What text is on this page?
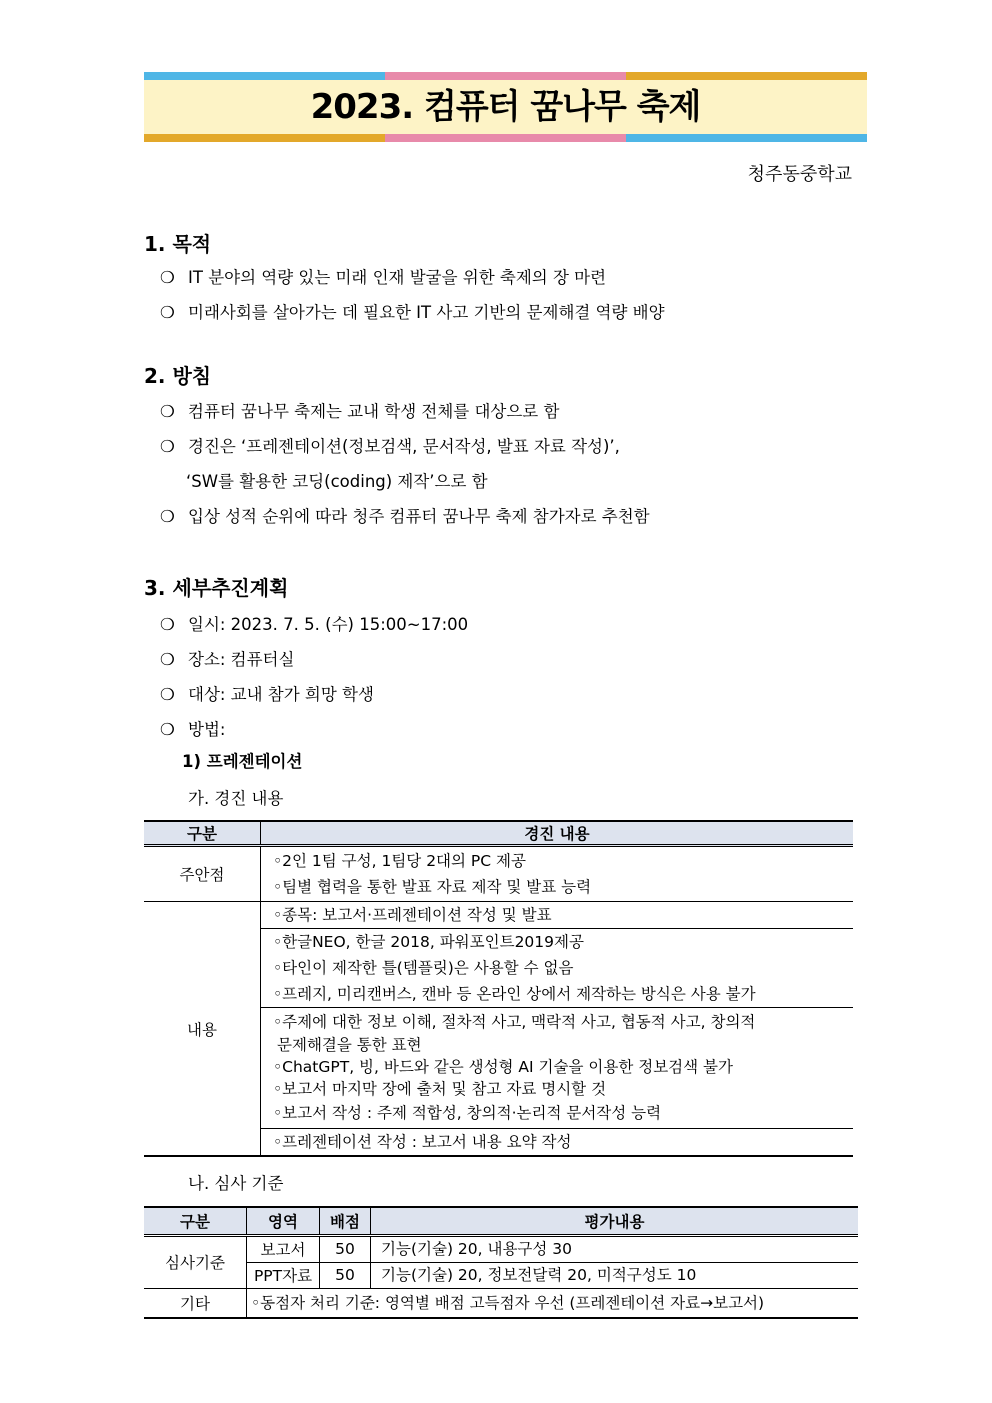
2023. 컴퓨터 꿈나무 축제
청주동중학교
1. 목적
❍ IT 분야의 역량 있는 미래 인재 발굴을 위한 축제의 장 마련
❍ 미래사회를 살아가는 데 필요한 IT 사고 기반의 문제해결 역량 배양
2. 방침
❍ 컴퓨터 꿈나무 축제는 교내 학생 전체를 대상으로 함
❍ 경진은 ‘프레젠테이션(정보검색, 문서작성, 발표 자료 작성)’,
‘SW를 활용한 코딩(coding) 제작’으로 함
❍ 입상 성적 순위에 따라 청주 컴퓨터 꿈나무 축제 참가자로 추천함
3. 세부추진계획
❍ 일시: 2023. 7. 5. (수) 15:00~17:00
❍ 장소: 컴퓨터실
❍ 대상: 교내 참가 희망 학생
❍ 방법:
1) 프레젠테이션
가. 경진 내용
구분	경진 내용
주안점	◦2인 1팀 구성, 1팀당 2대의 PC 제공
◦팀별 협력을 통한 발표 자료 제작 및 발표 능력

내용	◦종목: 보고서·프레젠테이션 작성 및 발표

	◦한글NEO, 한글 2018, 파워포인트2019제공
◦타인이 제작한 틀(템플릿)은 사용할 수 없음
◦프레지, 미리캔버스, 캔바 등 온라인 상에서 제작하는 방식은 사용 불가

	◦주제에 대한 정보 이해, 절차적 사고, 맥락적 사고, 협동적 사고, 창의적
문제해결을 통한 표현
◦ChatGPT, 빙, 바드와 같은 생성형 AI 기술을 이용한 정보검색 불가
◦보고서 마지막 장에 출처 및 참고 자료 명시할 것
◦보고서 작성 : 주제 적합성, 창의적·논리적 문서작성 능력

	◦프레젠테이션 작성 : 보고서 내용 요약 작성
나. 심사 기준
구분	영역	배점	평가내용
심사기준	보고서	50	기능(기술) 20, 내용구성 30
	PPT자료	50	기능(기술) 20, 정보전달력 20, 미적구성도 10
기타	◦동점자 처리 기준: 영역별 배점 고득점자 우선 (프레젠테이션 자료→보고서)		
